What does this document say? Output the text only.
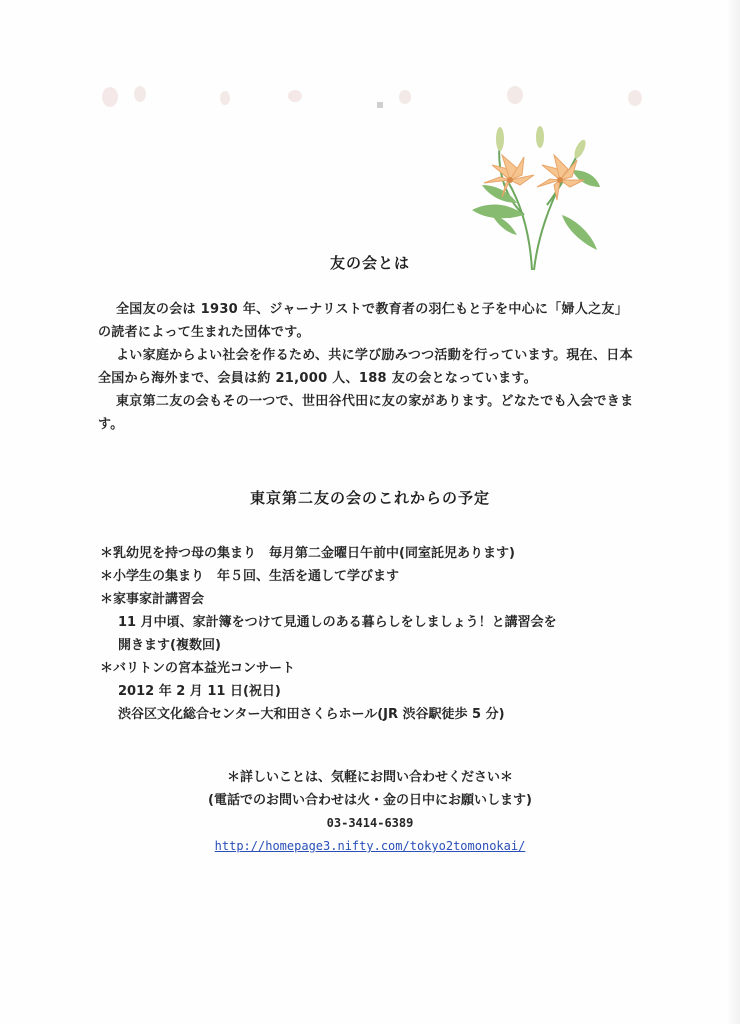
友の会とは

全国友の会は 1930 年、ジャーナリストで教育者の羽仁もと子を中心に「婦人之友」の読者によって生まれた団体です。

よい家庭からよい社会を作るため、共に学び励みつつ活動を行っています。現在、日本全国から海外まで、会員は約 21,000 人、188 友の会となっています。

東京第二友の会もその一つで、世田谷代田に友の家があります。どなたでも入会できます。

東京第二友の会のこれからの予定
＊乳幼児を持つ母の集まり　毎月第二金曜日午前中(同室託児あります)
＊小学生の集まり　年５回、生活を通して学びます
＊家事家計講習会
11 月中頃、家計簿をつけて見通しのある暮らしをしましょう！と講習会を
開きます(複数回)
＊バリトンの宮本益光コンサート
2012 年 2 月 11 日(祝日)
渋谷区文化総合センター大和田さくらホール(JR 渋谷駅徒歩 5 分)
＊詳しいことは、気軽にお問い合わせください＊
(電話でのお問い合わせは火・金の日中にお願いします)
03-3414-6389
http://homepage3.nifty.com/tokyo2tomonokai/
